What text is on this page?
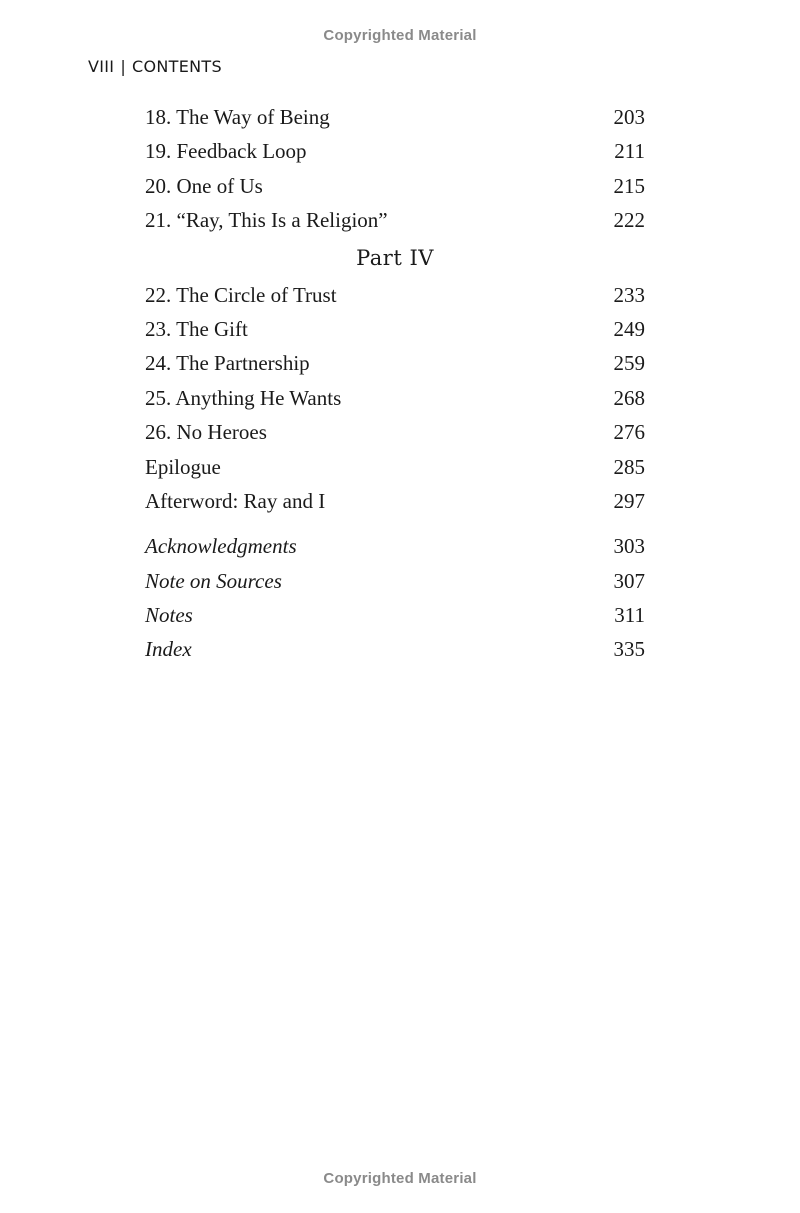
Copyrighted Material
VIII | CONTENTS
18. The Way of Being	203
19. Feedback Loop	211
20. One of Us	215
21. “Ray, This Is a Religion”	222
Part IV
22. The Circle of Trust	233
23. The Gift	249
24. The Partnership	259
25. Anything He Wants	268
26. No Heroes	276
Epilogue	285
Afterword: Ray and I	297
Acknowledgments	303
Note on Sources	307
Notes	311
Index	335
Copyrighted Material
